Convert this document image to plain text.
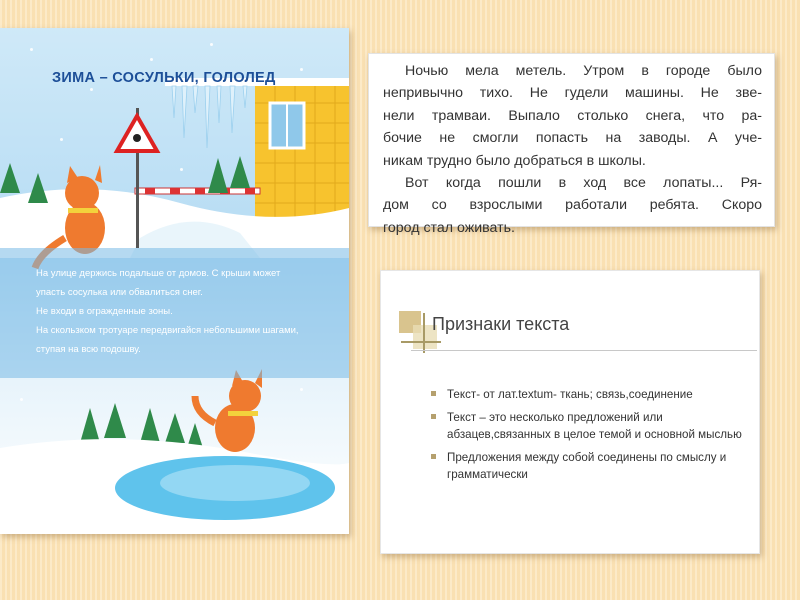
ЗИМА – СОСУЛЬКИ, ГОЛОЛЕД
На улице держись подальше от домов. С крыши может
упасть сосулька или обвалиться снег.
Не входи в огражденные зоны.
На скользком тротуаре передвигайся небольшими шагами,
ступая на всю подошву.

Ночью мела метель. Утром в городе было
непривычно тихо. Не гудели машины. Не зве-
нели трамваи. Выпало столько снега, что ра-
бочие не смогли попасть на заводы. А уче-
никам трудно было добраться в школы.

Вот когда пошли в ход все лопаты... Ря-
дом со взрослыми работали ребята. Скоро
город стал оживать.

Признаки текста
Текст- от лат.textum- ткань; связь,соединение
Текст – это несколько предложений или абзацев,связанных в целое темой и основной мыслью
Предложения между собой соединены по смыслу и грамматически
